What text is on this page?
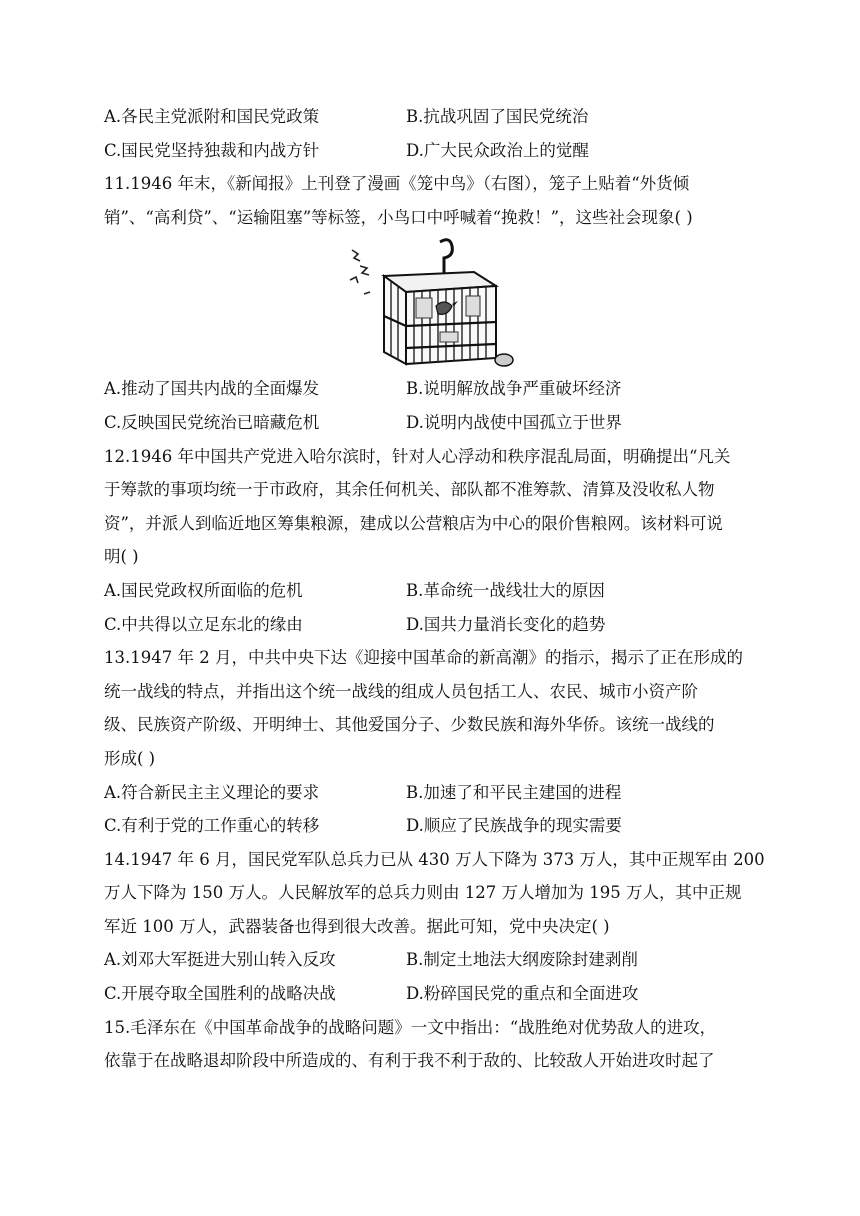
A.各民主党派附和国民党政策	B.抗战巩固了国民党统治
C.国民党坚持独裁和内战方针	D.广大民众政治上的觉醒
11.1946 年末，《新闻报》上刊登了漫画《笼中鸟》（右图），笼子上贴着“外货倾
销”、“高利贷”、“运输阻塞”等标签，小鸟口中呼喊着“挽救！”，这些社会现象( )
A.推动了国共内战的全面爆发	B.说明解放战争严重破坏经济
C.反映国民党统治已暗藏危机	D.说明内战使中国孤立于世界
12.1946 年中国共产党进入哈尔滨时，针对人心浮动和秩序混乱局面，明确提出“凡关
于筹款的事项均统一于市政府，其余任何机关、部队都不准筹款、清算及没收私人物
资”，并派人到临近地区筹集粮源，建成以公营粮店为中心的限价售粮网。该材料可说
明( )
A.国民党政权所面临的危机	B.革命统一战线壮大的原因
C.中共得以立足东北的缘由	D.国共力量消长变化的趋势
13.1947 年 2 月，中共中央下达《迎接中国革命的新高潮》的指示，揭示了正在形成的
统一战线的特点，并指出这个统一战线的组成人员包括工人、农民、城市小资产阶
级、民族资产阶级、开明绅士、其他爱国分子、少数民族和海外华侨。该统一战线的
形成( )
A.符合新民主主义理论的要求	B.加速了和平民主建国的进程
C.有利于党的工作重心的转移	D.顺应了民族战争的现实需要
14.1947 年 6 月，国民党军队总兵力已从 430 万人下降为 373 万人，其中正规军由 200
万人下降为 150 万人。人民解放军的总兵力则由 127 万人增加为 195 万人，其中正规
军近 100 万人，武器装备也得到很大改善。据此可知，党中央决定( )
A.刘邓大军挺进大别山转入反攻	B.制定土地法大纲废除封建剥削
C.开展夺取全国胜利的战略决战	D.粉碎国民党的重点和全面进攻
15.毛泽东在《中国革命战争的战略问题》一文中指出：“战胜绝对优势敌人的进攻，
依靠于在战略退却阶段中所造成的、有利于我不利于敌的、比较敌人开始进攻时起了
